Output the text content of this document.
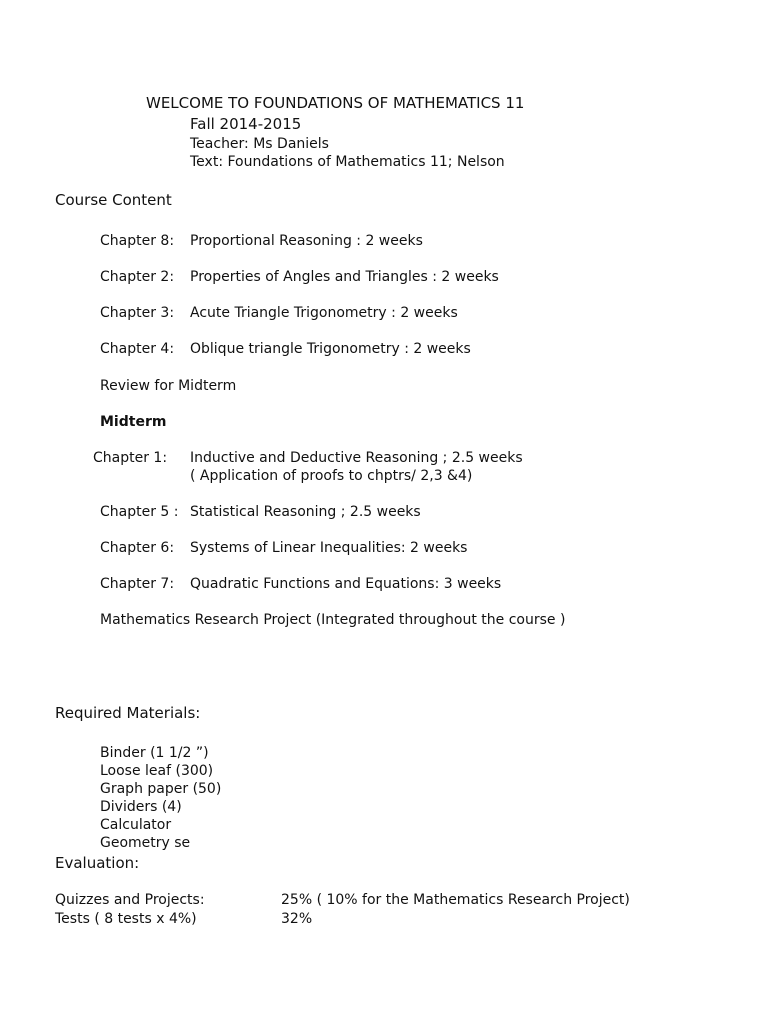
WELCOME TO FOUNDATIONS OF MATHEMATICS 11
Fall 2014-2015
Teacher: Ms Daniels
Text: Foundations of Mathematics 11; Nelson
Course Content
Chapter 8: Proportional Reasoning : 2 weeks
Chapter 2: Properties of Angles and Triangles : 2 weeks
Chapter 3: Acute Triangle Trigonometry : 2 weeks
Chapter 4: Oblique triangle Trigonometry : 2 weeks
Review for Midterm
Midterm
Chapter 1: Inductive and Deductive Reasoning ; 2.5 weeks
( Application of proofs to chptrs/ 2,3 &4)
Chapter 5 : Statistical Reasoning ; 2.5 weeks
Chapter 6: Systems of Linear Inequalities: 2 weeks
Chapter 7: Quadratic Functions and Equations: 3 weeks
Mathematics Research Project (Integrated throughout the course )
Required Materials:
Binder (1 1/2 ”)
Loose leaf (300)
Graph paper (50)
Dividers (4)
Calculator
Geometry se
Evaluation:
Quizzes and Projects:	25% ( 10% for the Mathematics Research Project)
Tests ( 8 tests x 4%)	32%
